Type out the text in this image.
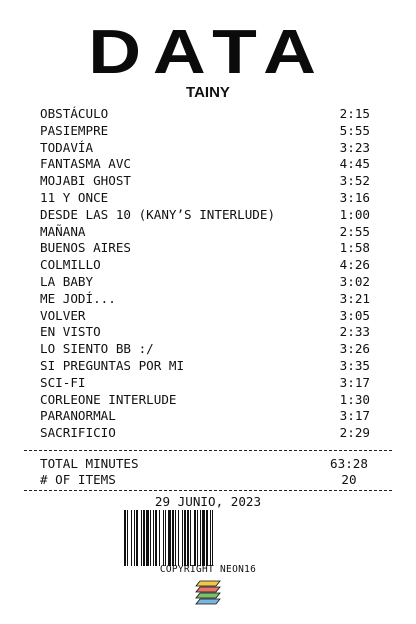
DATA
TAINY
OBSTÁCULO	2:15
PASIEMPRE	5:55
TODAVÍA	3:23
FANTASMA AVC	4:45
MOJABI GHOST	3:52
11 Y ONCE	3:16
DESDE LAS 10 (KANY’S INTERLUDE)	1:00
MAÑANA	2:55
BUENOS AIRES	1:58
COLMILLO	4:26
LA BABY	3:02
ME JODÍ...	3:21
VOLVER	3:05
EN VISTO	2:33
LO SIENTO BB :/	3:26
SI PREGUNTAS POR MI	3:35
SCI-FI	3:17
CORLEONE INTERLUDE	1:30
PARANORMAL	3:17
SACRIFICIO	2:29
TOTAL MINUTES	63:28
# OF ITEMS	20
29 JUNIO, 2023
COPYRIGHT NEON16
